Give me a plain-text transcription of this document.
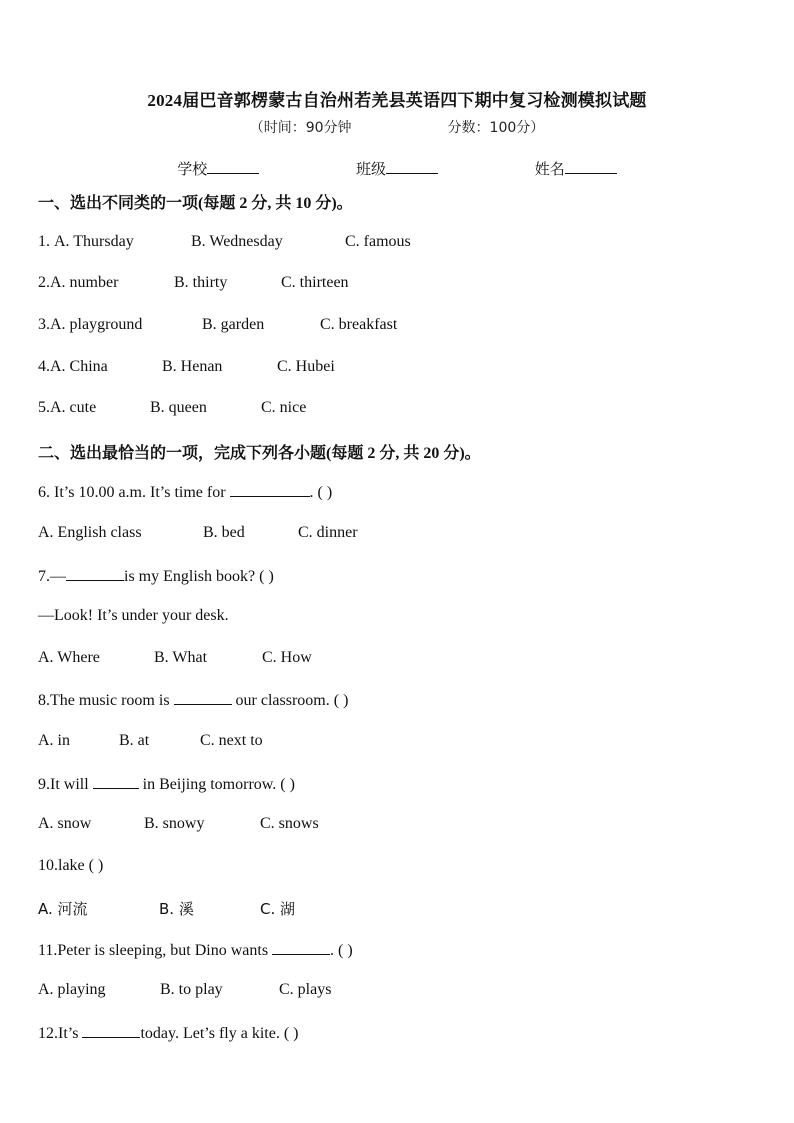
2024届巴音郭楞蒙古自治州若羌县英语四下期中复习检测模拟试题
（时间：90分钟	分数：100分）
学校	班级	姓名
一、选出不同类的一项(每题 2 分, 共 10 分)。
1. A. Thursday	B. Wednesday	C. famous
2.A. number	B. thirty	C. thirteen
3.A. playground	B. garden	C. breakfast
4.A. China	B. Henan	C. Hubei
5.A. cute	B. queen	C. nice
二、选出最恰当的一项，完成下列各小题(每题 2 分, 共 20 分)。
6. It’s 10.00 a.m. It’s time for	. ( )
A. English class	B. bed	C. dinner
7.—	is my English book? ( )
—Look! It’s under your desk.
A. Where	B. What	C. How
8.The music room is	our classroom. ( )
A. in	B. at	C. next to
9.It will	in Beijing tomorrow. ( )
A. snow	B. snowy	C. snows
10.lake ( )
A. 河流	B. 溪	C. 湖
11.Peter is sleeping, but Dino wants	. ( )
A. playing	B. to play	C. plays
12.It’s	today. Let’s fly a kite. ( )
